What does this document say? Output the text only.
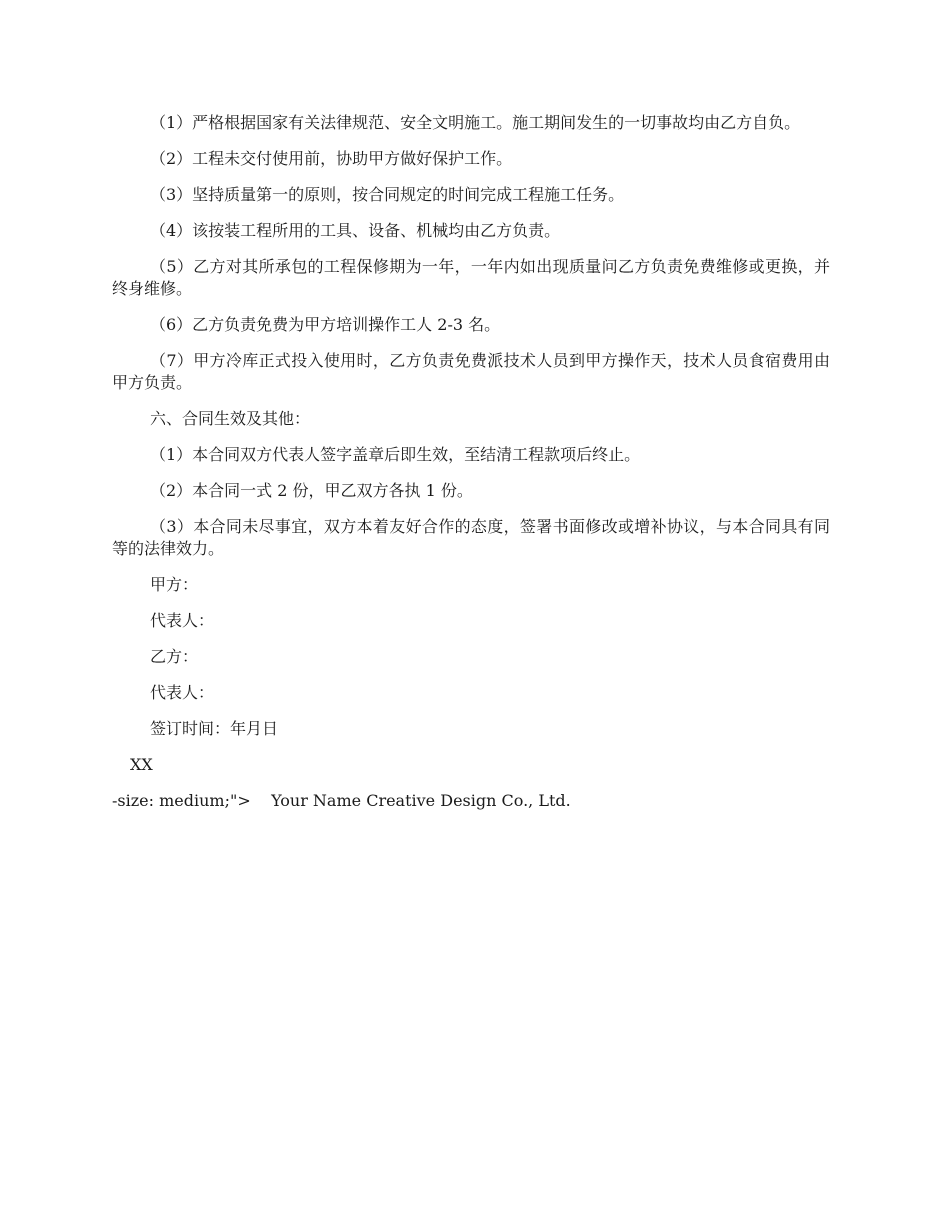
（1）严格根据国家有关法律规范、安全文明施工。施工期间发生的一切事故均由乙方自负。

（2）工程未交付使用前，协助甲方做好保护工作。

（3）坚持质量第一的原则，按合同规定的时间完成工程施工任务。

（4）该按装工程所用的工具、设备、机械均由乙方负责。

（5）乙方对其所承包的工程保修期为一年，一年内如出现质量问乙方负责免费维修或更换，并终身维修。

（6）乙方负责免费为甲方培训操作工人 2-3 名。

（7）甲方冷库正式投入使用时，乙方负责免费派技术人员到甲方操作天，技术人员食宿费用由甲方负责。

六、合同生效及其他：

（1）本合同双方代表人签字盖章后即生效，至结清工程款项后终止。

（2）本合同一式 2 份，甲乙双方各执 1 份。

（3）本合同未尽事宜，双方本着友好合作的态度，签署书面修改或增补协议，与本合同具有同等的法律效力。

甲方：

代表人：

乙方：

代表人：

签订时间：年月日

XX

-size: medium;">    Your Name Creative Design Co., Ltd.
